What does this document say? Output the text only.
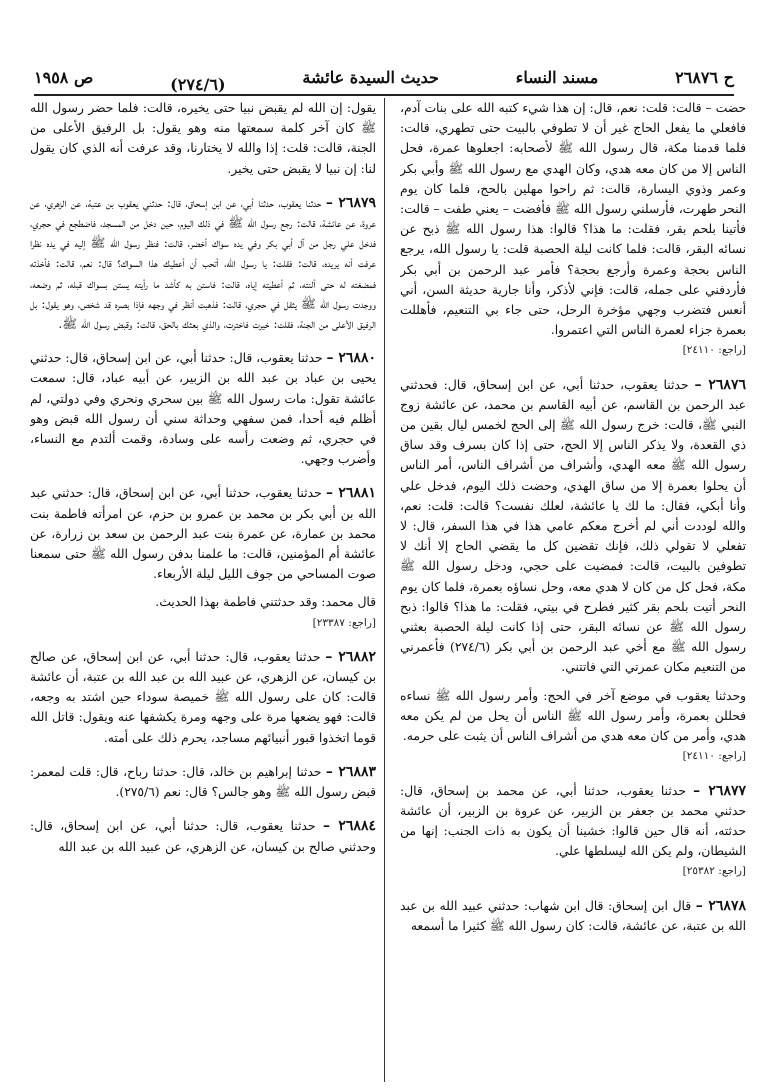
ح ٢٦٨٧٦
مسند النساء
حديث السيدة عائشة
(٢٧٤/٦)
ص ١٩٥٨

حضت – قالت: قلت: نعم، قال: إن هذا شيء كتبه الله على بنات آدم، فافعلي ما يفعل الحاج غير أن لا تطوفي بالبيت حتى تطهري، قالت: فلما قدمنا مكة، قال رسول الله ﷺ لأصحابه: اجعلوها عمرة، فحل الناس إلا من كان معه هدي، وكان الهدي مع رسول الله ﷺ وأبي بكر وعمر وذوي اليسارة، قالت: ثم راحوا مهلين بالحج، فلما كان يوم النحر طهرت، فأرسلني رسول الله ﷺ فأفضت – يعني طفت – قالت: فأتينا بلحم بقر، فقلت: ما هذا؟ قالوا: هذا رسول الله ﷺ ذبح عن نسائه البقر، قالت: فلما كانت ليلة الحصبة قلت: يا رسول الله، يرجع الناس بحجة وعمرة وأرجع بحجة؟ فأمر عبد الرحمن بن أبي بكر فأردفني على جمله، قالت: فإني لأذكر، وأنا جارية حديثة السن، أني أنعس فتضرب وجهي مؤخرة الرحل، حتى جاء بي التنعيم، فأهللت بعمرة جزاء لعمرة الناس التي اعتمروا.
[راجع: ٢٤١١٠]

٢٦٨٧٦ – حدثنا يعقوب، حدثنا أبي، عن ابن إسحاق، قال: فحدثني عبد الرحمن بن القاسم، عن أبيه القاسم بن محمد، عن عائشة زوج النبي ﷺ، قالت: خرج رسول الله ﷺ إلى الحج لخمس ليال بقين من ذي القعدة، ولا يذكر الناس إلا الحج، حتى إذا كان بسرف وقد ساق رسول الله ﷺ معه الهدي، وأشراف من أشراف الناس، أمر الناس أن يحلوا بعمرة إلا من ساق الهدي، وحضت ذلك اليوم، فدخل علي وأنا أبكي، فقال: ما لك يا عائشة، لعلك نفست؟ قالت: قلت: نعم، والله لوددت أني لم أخرج معكم عامي هذا في هذا السفر، قال: لا تفعلي لا تقولي ذلك، فإنك تقضين كل ما يقضي الحاج إلا أنك لا تطوفين بالبيت، قالت: فمضيت على حجي، ودخل رسول الله ﷺ مكة، فحل كل من كان لا هدي معه، وحل نساؤه بعمرة، فلما كان يوم النحر أتيت بلحم بقر كثير فطرح في بيتي، فقلت: ما هذا؟ قالوا: ذبح رسول الله ﷺ عن نسائه البقر، حتى إذا كانت ليلة الحصبة بعثني رسول الله ﷺ مع أخي عبد الرحمن بن أبي بكر (٢٧٤/٦) فأعمرني من التنعيم مكان عمرتي التي فاتتني.

وحدثنا يعقوب في موضع آخر في الحج: وأمر رسول الله ﷺ نساءه فحللن بعمرة، وأمر رسول الله ﷺ الناس أن يحل من لم يكن معه هدي، وأمر من كان معه هدي من أشراف الناس أن يثبت على حرمه.
[راجع: ٢٤١١٠]

٢٦٨٧٧ – حدثنا يعقوب، حدثنا أبي، عن محمد بن إسحاق، قال: حدثني محمد بن جعفر بن الزبير، عن عروة بن الزبير، أن عائشة حدثته، أنه قال حين قالوا: خشينا أن يكون به ذات الجنب: إنها من الشيطان، ولم يكن الله ليسلطها علي.
[راجع: ٢٥٣٨٢]

٢٦٨٧٨ – قال ابن إسحاق: قال ابن شهاب: حدثني عبيد الله بن عبد الله بن عتبة، عن عائشة، قالت: كان رسول الله ﷺ كثيرا ما أسمعه

يقول: إن الله لم يقبض نبيا حتى يخيره، قالت: فلما حضر رسول الله ﷺ كان آخر كلمة سمعتها منه وهو يقول: بل الرفيق الأعلى من الجنة، قالت: قلت: إذا والله لا يختارنا، وقد عرفت أنه الذي كان يقول لنا: إن نبيا لا يقبض حتى يخير.

٢٦٨٧٩ – حدثنا يعقوب، حدثنا أبي، عن ابن إسحاق، قال: حدثني يعقوب بن عتبة، عن الزهري، عن عروة، عن عائشة، قالت: رجع رسول الله ﷺ في ذلك اليوم، حين دخل من المسجد، فاضطجع في حجري، فدخل علي رجل من آل أبي بكر وفي يده سواك أخضر، قالت: فنظر رسول الله ﷺ إليه في يده نظرا عرفت أنه يريده، قالت: فقلت: يا رسول الله، أتحب أن أعطيك هذا السواك؟ قال: نعم، قالت: فأخذته فمضغته له حتى ألنته، ثم أعطيته إياه، قالت: فاستن به كأشد ما رأيته يستن بسواك قبله، ثم وضعه، ووجدت رسول الله ﷺ يثقل في حجري، قالت: فذهبت أنظر في وجهه فإذا بصره قد شخص، وهو يقول: بل الرفيق الأعلى من الجنة، فقلت: خيرت فاخترت، والذي بعثك بالحق، قالت: وقبض رسول الله ﷺ.

٢٦٨٨٠ – حدثنا يعقوب، قال: حدثنا أبي، عن ابن إسحاق، قال: حدثني يحيى بن عباد بن عبد الله بن الزبير، عن أبيه عباد، قال: سمعت عائشة تقول: مات رسول الله ﷺ بين سحري ونحري وفي دولتي، لم أظلم فيه أحدا، فمن سفهي وحداثة سني أن رسول الله قبض وهو في حجري، ثم وضعت رأسه على وسادة، وقمت ألتدم مع النساء، وأضرب وجهي.

٢٦٨٨١ – حدثنا يعقوب، حدثنا أبي، عن ابن إسحاق، قال: حدثني عبد الله بن أبي بكر بن محمد بن عمرو بن حزم، عن امرأته فاطمة بنت محمد بن عمارة، عن عمرة بنت عبد الرحمن بن سعد بن زرارة، عن عائشة أم المؤمنين، قالت: ما علمنا بدفن رسول الله ﷺ حتى سمعنا صوت المساحي من جوف الليل ليلة الأربعاء.

قال محمد: وقد حدثتني فاطمة بهذا الحديث.
[راجع: ٢٣٣٨٧]

٢٦٨٨٢ – حدثنا يعقوب، قال: حدثنا أبي، عن ابن إسحاق، عن صالح بن كيسان، عن الزهري، عن عبيد الله بن عبد الله بن عتبة، أن عائشة قالت: كان على رسول الله ﷺ خميصة سوداء حين اشتد به وجعه، قالت: فهو يضعها مرة على وجهه ومرة يكشفها عنه ويقول: قاتل الله قوما اتخذوا قبور أنبيائهم مساجد، يحرم ذلك على أمته.

٢٦٨٨٣ – حدثنا إبراهيم بن خالد، قال: حدثنا رباح، قال: قلت لمعمر: قبض رسول الله ﷺ وهو جالس؟ قال: نعم (٢٧٥/٦).

٢٦٨٨٤ – حدثنا يعقوب، قال: حدثنا أبي، عن ابن إسحاق، قال: وحدثني صالح بن كيسان، عن الزهري، عن عبيد الله بن عبد الله
